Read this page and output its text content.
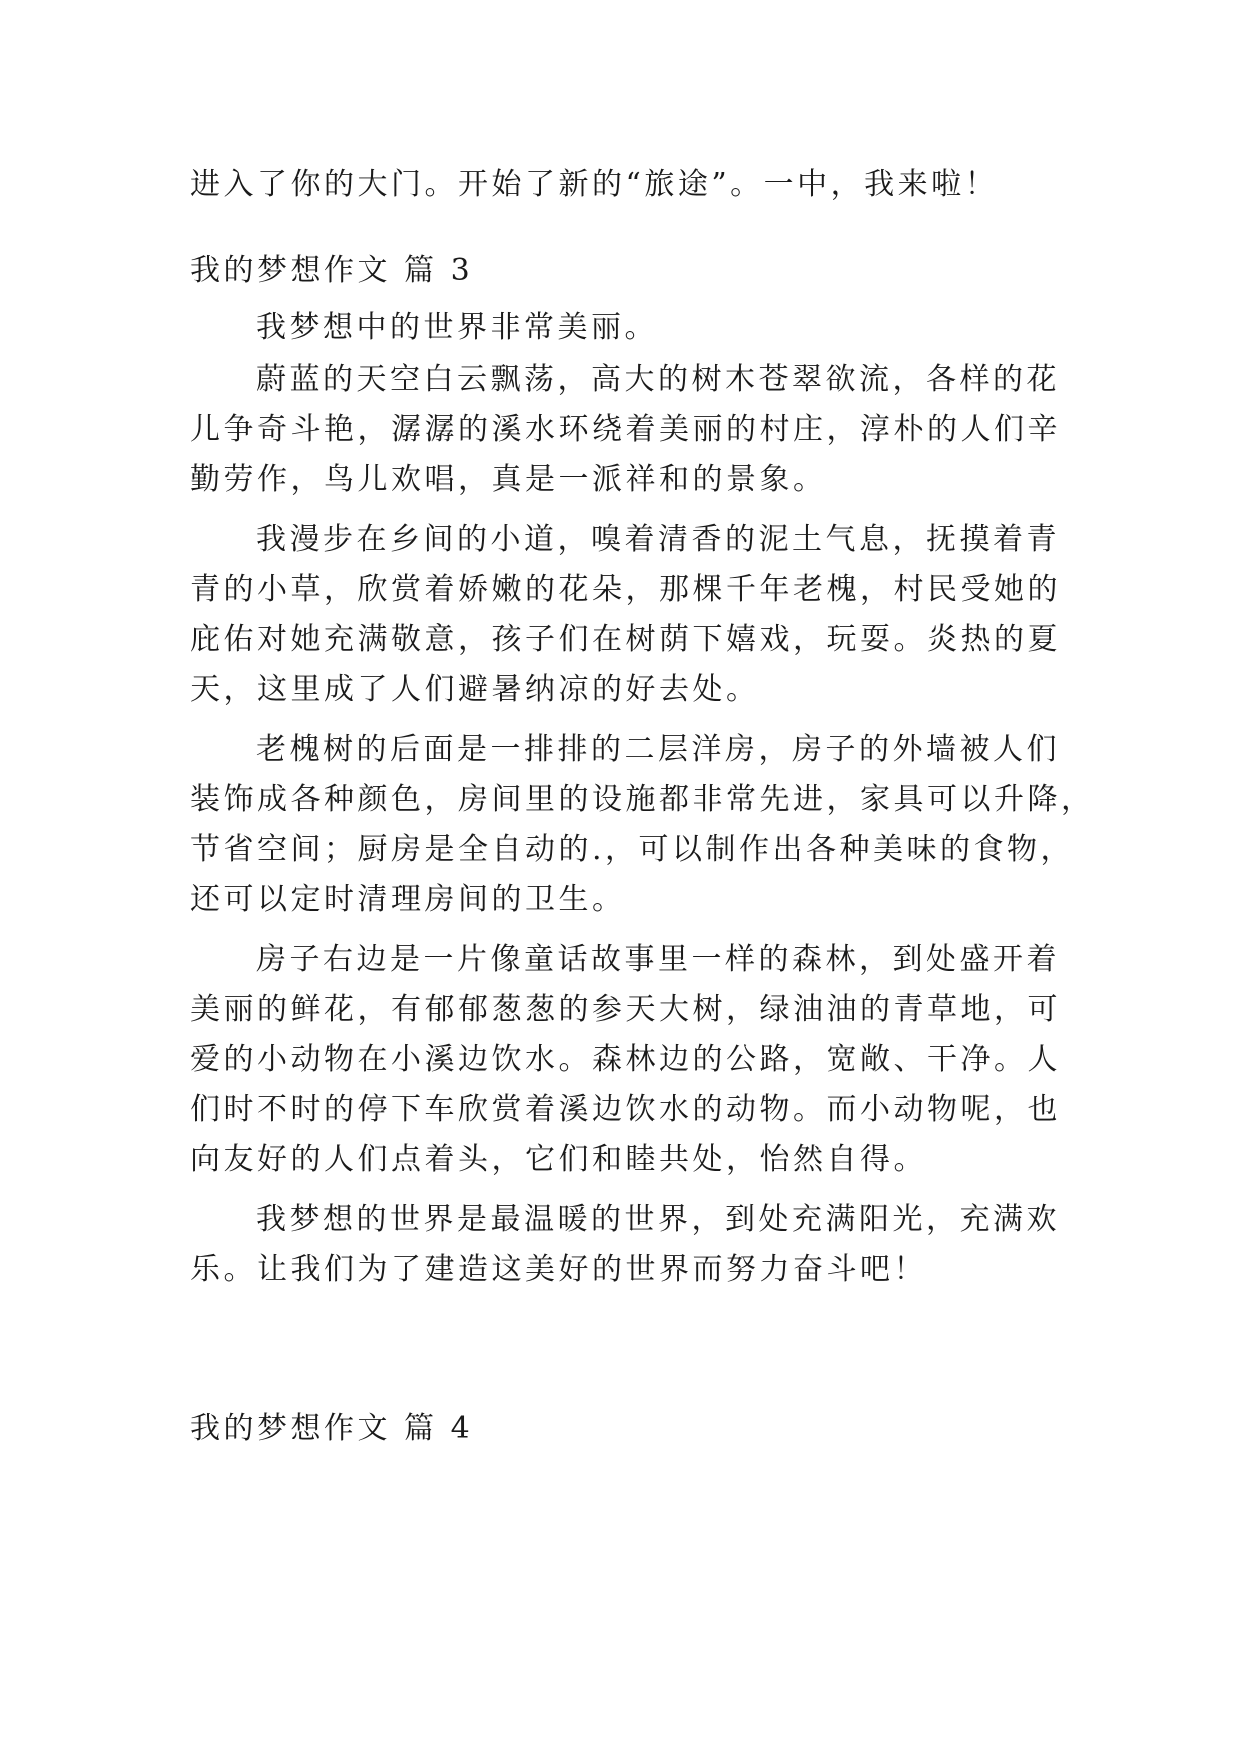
进入了你的大门。开始了新的“旅途”。一中，我来啦！
我的梦想作文 篇 3
我梦想中的世界非常美丽。
蔚蓝的天空白云飘荡，高大的树木苍翠欲流，各样的花
儿争奇斗艳，潺潺的溪水环绕着美丽的村庄，淳朴的人们辛
勤劳作，鸟儿欢唱，真是一派祥和的景象。
我漫步在乡间的小道，嗅着清香的泥土气息，抚摸着青
青的小草，欣赏着娇嫩的花朵，那棵千年老槐，村民受她的
庇佑对她充满敬意，孩子们在树荫下嬉戏，玩耍。炎热的夏
天，这里成了人们避暑纳凉的好去处。
老槐树的后面是一排排的二层洋房，房子的外墙被人们
装饰成各种颜色，房间里的设施都非常先进，家具可以升降，
节省空间；厨房是全自动的.，可以制作出各种美味的食物，
还可以定时清理房间的卫生。
房子右边是一片像童话故事里一样的森林，到处盛开着
美丽的鲜花，有郁郁葱葱的参天大树，绿油油的青草地，可
爱的小动物在小溪边饮水。森林边的公路，宽敞、干净。人
们时不时的停下车欣赏着溪边饮水的动物。而小动物呢，也
向友好的人们点着头，它们和睦共处，怡然自得。
我梦想的世界是最温暖的世界，到处充满阳光，充满欢
乐。让我们为了建造这美好的世界而努力奋斗吧！
我的梦想作文 篇 4
